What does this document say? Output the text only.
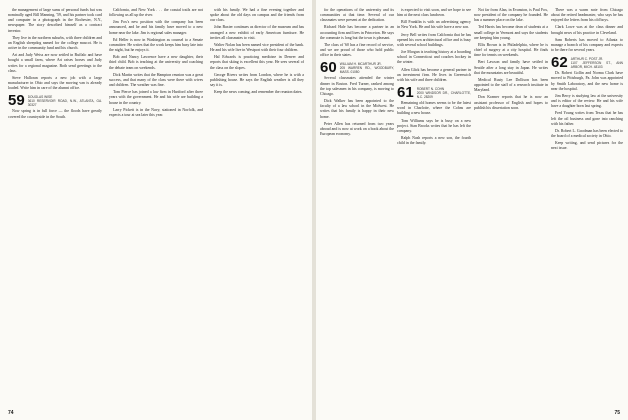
the management of large sums of personal funds but was nominally aged Bill Manning, '59, and his partner took card and computer in a photograph in the Rochester, N.Y., newspaper. The story described himself as a contract investor.

They live in the northern suburbs, with three children and an English sheepdog named for the college mascot. He is active in the community fund and his church.

Art and Judy Weiss are now settled in Buffalo and have bought a small farm, where Art raises horses and Judy writes for a regional magazine. Both send greetings to the class.

Steve Halloran reports a new job with a large manufacturer in Ohio and says the moving van is already loaded. Write him in care of the alumni office.

59 DOUGLAS WISE
3610 RESERVOIR ROAD, N.W., ATLANTA, GA. 30327

Now spring is in full force — the floods have greatly covered the countryside in the South.

California, and New York . . . the coastal trails are not following us all up the river.

Jim Fox's new position with the company has been announced, and he and his family have moved to a new home near the lake. Jim is regional sales manager.

Ed Heller is now in Washington as counsel to a Senate committee. He writes that the work keeps him busy late into the night, but he enjoys it.

Bob and Nancy Lawrence have a new daughter, their third child. Bob is teaching at the university and coaching the debate team on weekends.

Dick Martin writes that the Hampton reunion was a great success, and that many of the class were there with wives and children. The weather was fine.

Tom Pierce has joined a law firm in Hartford after three years with the government. He and his wife are building a house in the country.

Larry Pickett is in the Navy, stationed in Norfolk, and expects a tour at sea later this year.

with his family. We had a fine evening together and spoke about the old days on campus and the friends from our class.

John Baxter continues as director of the museum and has arranged a new exhibit of early American furniture. He invites all classmates to visit.

Walter Nolan has been named vice president of the bank. He and his wife live in Westport with their four children.

Hal Edwards is practicing medicine in Denver and reports that skiing is excellent this year. He sees several of the class on the slopes.

George Rivers writes from London, where he is with a publishing house. He says the English weather is all they say it is.

Keep the news coming, and remember the reunion dates.

74

for the operations of the university and its communities at that time. Several of our classmates were present at the dedication.

Richard Hale has become a partner in an accounting firm and lives in Princeton. He says the commute is long but the town is pleasant.

The class of '60 has a fine record of service, and we are proud of those who hold public office in their states.

60 WILLIAM H. MCARTHUR JR.
205 WARREN RD., WOODBURY, MASS. 01080

Several classmates attended the winter dinner in Boston. Fred Turner, ranked among the top salesmen in his company, is moving to Chicago.

Dick Walker has been appointed to the faculty of a law school in the Midwest. He writes that his family is happy in their new home.

Peter Allen has returned from two years abroad and is now at work on a book about the European economy.

is expected to visit soon, and we hope to see him at the next class luncheon.

Bill Franklin is with an advertising agency in New York. He and his wife have a new son.

Jerry Bell writes from California that he has opened his own architectural office and is busy with several school buildings.

Joe Morgan is teaching history at a boarding school in Connecticut and coaches hockey in the winter.

Allen Glick has become a general partner in an investment firm. He lives in Greenwich with his wife and three children.

61 ROBERT N. COHN
2000 WINDSOR DR., CHARLOTTE, N.C. 28209

Remaining old homes seems to be the latest word in Charlotte, where the Cohns are building a new house.

Tom Williams says he is busy on a new project. Stan Brooks writes that he has left the company.

Ralph Nash reports a new son, the fourth child in the family.

Not far from Alan, in Evanston, is Paul Fox, now president of the company he founded. He has a summer place on the lake.

Ted Harris has become dean of students at a small college in Vermont and says the students are keeping him young.

Ellis Brown is in Philadelphia, where he is chief of surgery at a city hospital. He finds time for tennis on weekends.

Bert Lawson and family have settled in Seattle after a long stay in Japan. He writes that the mountains are beautiful.

Medical Rusty Lee Dollison has been appointed to the staff of a research institute in Maryland.

Don Kramer reports that he is now an assistant professor of English and hopes to publish his dissertation soon.

There was a warm note from Chicago about the retired headmaster, who says he has enjoyed the letters from his old boys.

Clark Lowe was at the class dinner and brought news of his practice in Cleveland.

Sam Roberts has moved to Atlanta to manage a branch of his company and expects to be there for several years.

62 ARTHUR C. POST JR.
1107 JEFFERSON ST., ANN ARBOR, MICH. 48103

Dr. Robert Gollin and Norma Clark have moved to Pittsburgh, Pa. John was appointed by Smith Laboratory, and the new home is near the hospital.

Jim Berry is studying law at the university and is editor of the review. He and his wife have a daughter born last spring.

Fred Young writes from Texas that he has left the oil business and gone into ranching with his father.

Dr. Robert L. Goodman has been elected to the board of a medical society in Ohio.

Keep writing, and send pictures for the next issue.

75
